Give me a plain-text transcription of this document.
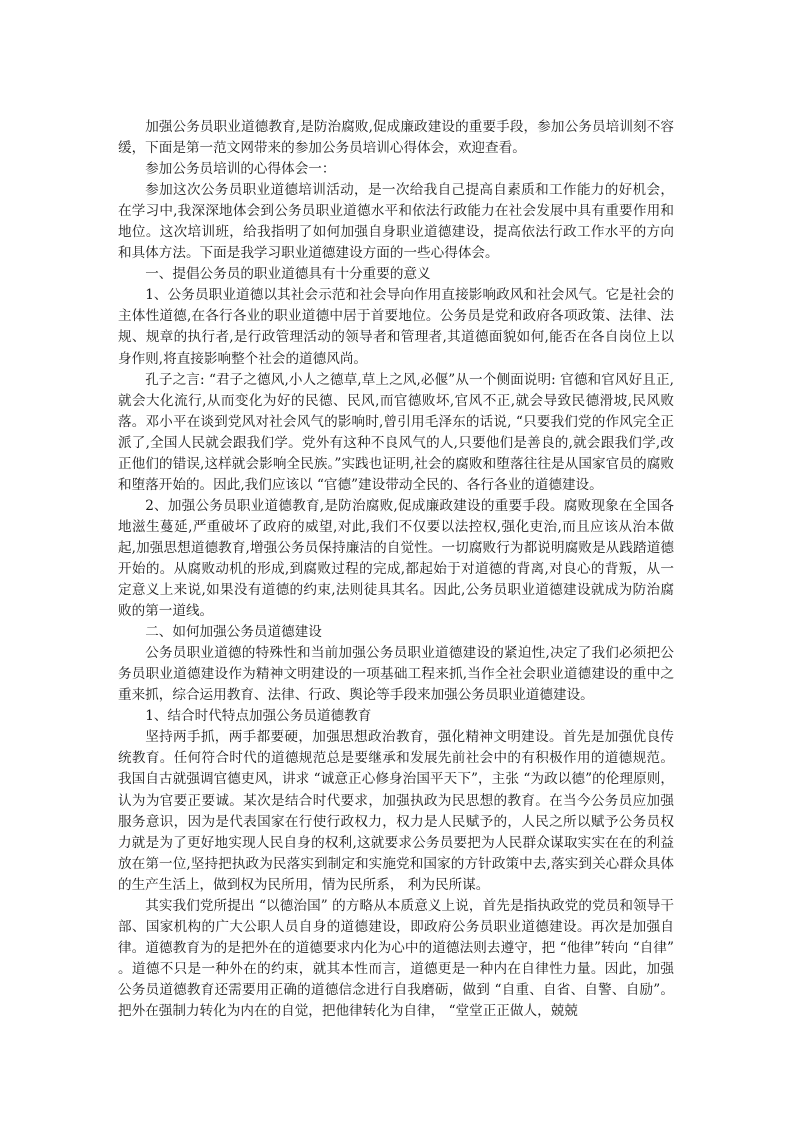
加强公务员职业道德教育,是防治腐败,促成廉政建设的重要手段，参加公务员培训刻不容缓，下面是第一范文网带来的参加公务员培训心得体会，欢迎查看。

参加公务员培训的心得体会一：

参加这次公务员职业道德培训活动，是一次给我自己提高自素质和工作能力的好机会，在学习中,我深深地体会到公务员职业道德水平和依法行政能力在社会发展中具有重要作用和地位。这次培训班，给我指明了如何加强自身职业道德建设，提高依法行政工作水平的方向和具体方法。下面是我学习职业道德建设方面的一些心得体会。

一、提倡公务员的职业道德具有十分重要的意义

1、公务员职业道德以其社会示范和社会导向作用直接影响政风和社会风气。它是社会的主体性道德,在各行各业的职业道德中居于首要地位。公务员是党和政府各项政策、法律、法规、规章的执行者,是行政管理活动的领导者和管理者,其道德面貌如何,能否在各自岗位上以身作则,将直接影响整个社会的道德风尚。

孔子之言: “君子之德风,小人之德草,草上之风,必偃”从一个侧面说明: 官德和官风好且正,就会大化流行,从而变化为好的民德、民风,而官德败坏,官风不正,就会导致民德滑坡,民风败落。邓小平在谈到党风对社会风气的影响时,曾引用毛泽东的话说, “只要我们党的作风完全正派了,全国人民就会跟我们学。党外有这种不良风气的人,只要他们是善良的,就会跟我们学,改正他们的错误,这样就会影响全民族。”实践也证明,社会的腐败和堕落往往是从国家官员的腐败和堕落开始的。因此,我们应该以 “官德”建设带动全民的、各行各业的道德建设。

2、加强公务员职业道德教育,是防治腐败,促成廉政建设的重要手段。腐败现象在全国各地滋生蔓延,严重破坏了政府的威望,对此,我们不仅要以法控权,强化吏治,而且应该从治本做起,加强思想道德教育,增强公务员保持廉洁的自觉性。一切腐败行为都说明腐败是从践踏道德开始的。从腐败动机的形成,到腐败过程的完成,都起始于对道德的背离,对良心的背叛，从一定意义上来说,如果没有道德的约束,法则徒具其名。因此,公务员职业道德建设就成为防治腐败的第一道线。

二、如何加强公务员道德建设

公务员职业道德的特殊性和当前加强公务员职业道德建设的紧迫性,决定了我们必须把公务员职业道德建设作为精神文明建设的一项基础工程来抓,当作全社会职业道德建设的重中之重来抓，综合运用教育、法律、行政、舆论等手段来加强公务员职业道德建设。

1、结合时代特点加强公务员道德教育

坚持两手抓，两手都要硬，加强思想政治教育，强化精神文明建设。首先是加强优良传统教育。任何符合时代的道德规范总是要继承和发展先前社会中的有积极作用的道德规范。我国自古就强调官德吏风，讲求 “诚意正心修身治国平天下”，主张 “为政以德”的伦理原则，认为为官要正要诚。某次是结合时代要求，加强执政为民思想的教育。在当今公务员应加强服务意识，因为是代表国家在行使行政权力，权力是人民赋予的，人民之所以赋予公务员权力就是为了更好地实现人民自身的权利,这就要求公务员要把为人民群众谋取实实在在的利益放在第一位,坚持把执政为民落实到制定和实施党和国家的方针政策中去,落实到关心群众具体的生产生活上，做到权为民所用，情为民所系， 利为民所谋。

其实我们党所提出 “以德治国” 的方略从本质意义上说，首先是指执政党的党员和领导干部、国家机构的广大公职人员自身的道德建设，即政府公务员职业道德建设。再次是加强自律。道德教育为的是把外在的道德要求内化为心中的道德法则去遵守，把 “他律”转向 “自律” 。道德不只是一种外在的约束，就其本性而言，道德更是一种内在自律性力量。因此，加强公务员道德教育还需要用正确的道德信念进行自我磨砺，做到 “自重、自省、自警、自励”。把外在强制力转化为内在的自觉，把他律转化为自律， “堂堂正正做人，兢兢
